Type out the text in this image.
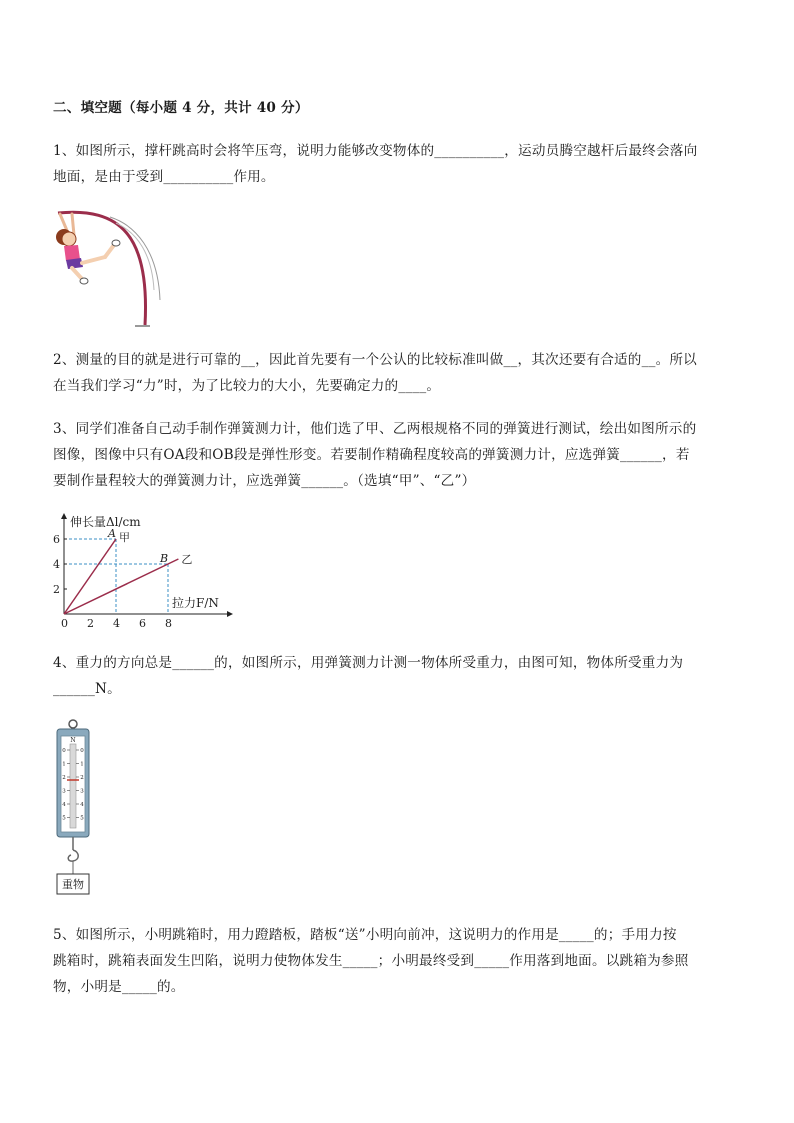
二、填空题（每小题 4 分，共计 40 分）
1、如图所示，撑杆跳高时会将竿压弯，说明力能够改变物体的__________，运动员腾空越杆后最终会落向
地面，是由于受到__________作用。
2、测量的目的就是进行可靠的__，因此首先要有一个公认的比较标准叫做__，其次还要有合适的__。所以
在当我们学习“力”时，为了比较力的大小，先要确定力的____。
3、同学们准备自己动手制作弹簧测力计，他们选了甲、乙两根规格不同的弹簧进行测试，绘出如图所示的
图像，图像中只有OA段和OB段是弹性形变。若要制作精确程度较高的弹簧测力计，应选弹簧______，若
要制作量程较大的弹簧测力计，应选弹簧______。（选填“甲”、“乙”）
A 甲
B 乙
0 2 4 6 8
2
4
6
伸长量Δl/cm
拉力F/N
4、重力的方向总是______的，如图所示，用弹簧测力计测一物体所受重力，由图可知，物体所受重力为
______N。
N
0	0
1	1
2	2
3	3
4	4
5	5
重物
5、如图所示，小明跳箱时，用力蹬踏板，踏板“送”小明向前冲，这说明力的作用是_____的；手用力按
跳箱时，跳箱表面发生凹陷，说明力使物体发生_____；小明最终受到_____作用落到地面。以跳箱为参照
物，小明是_____的。
